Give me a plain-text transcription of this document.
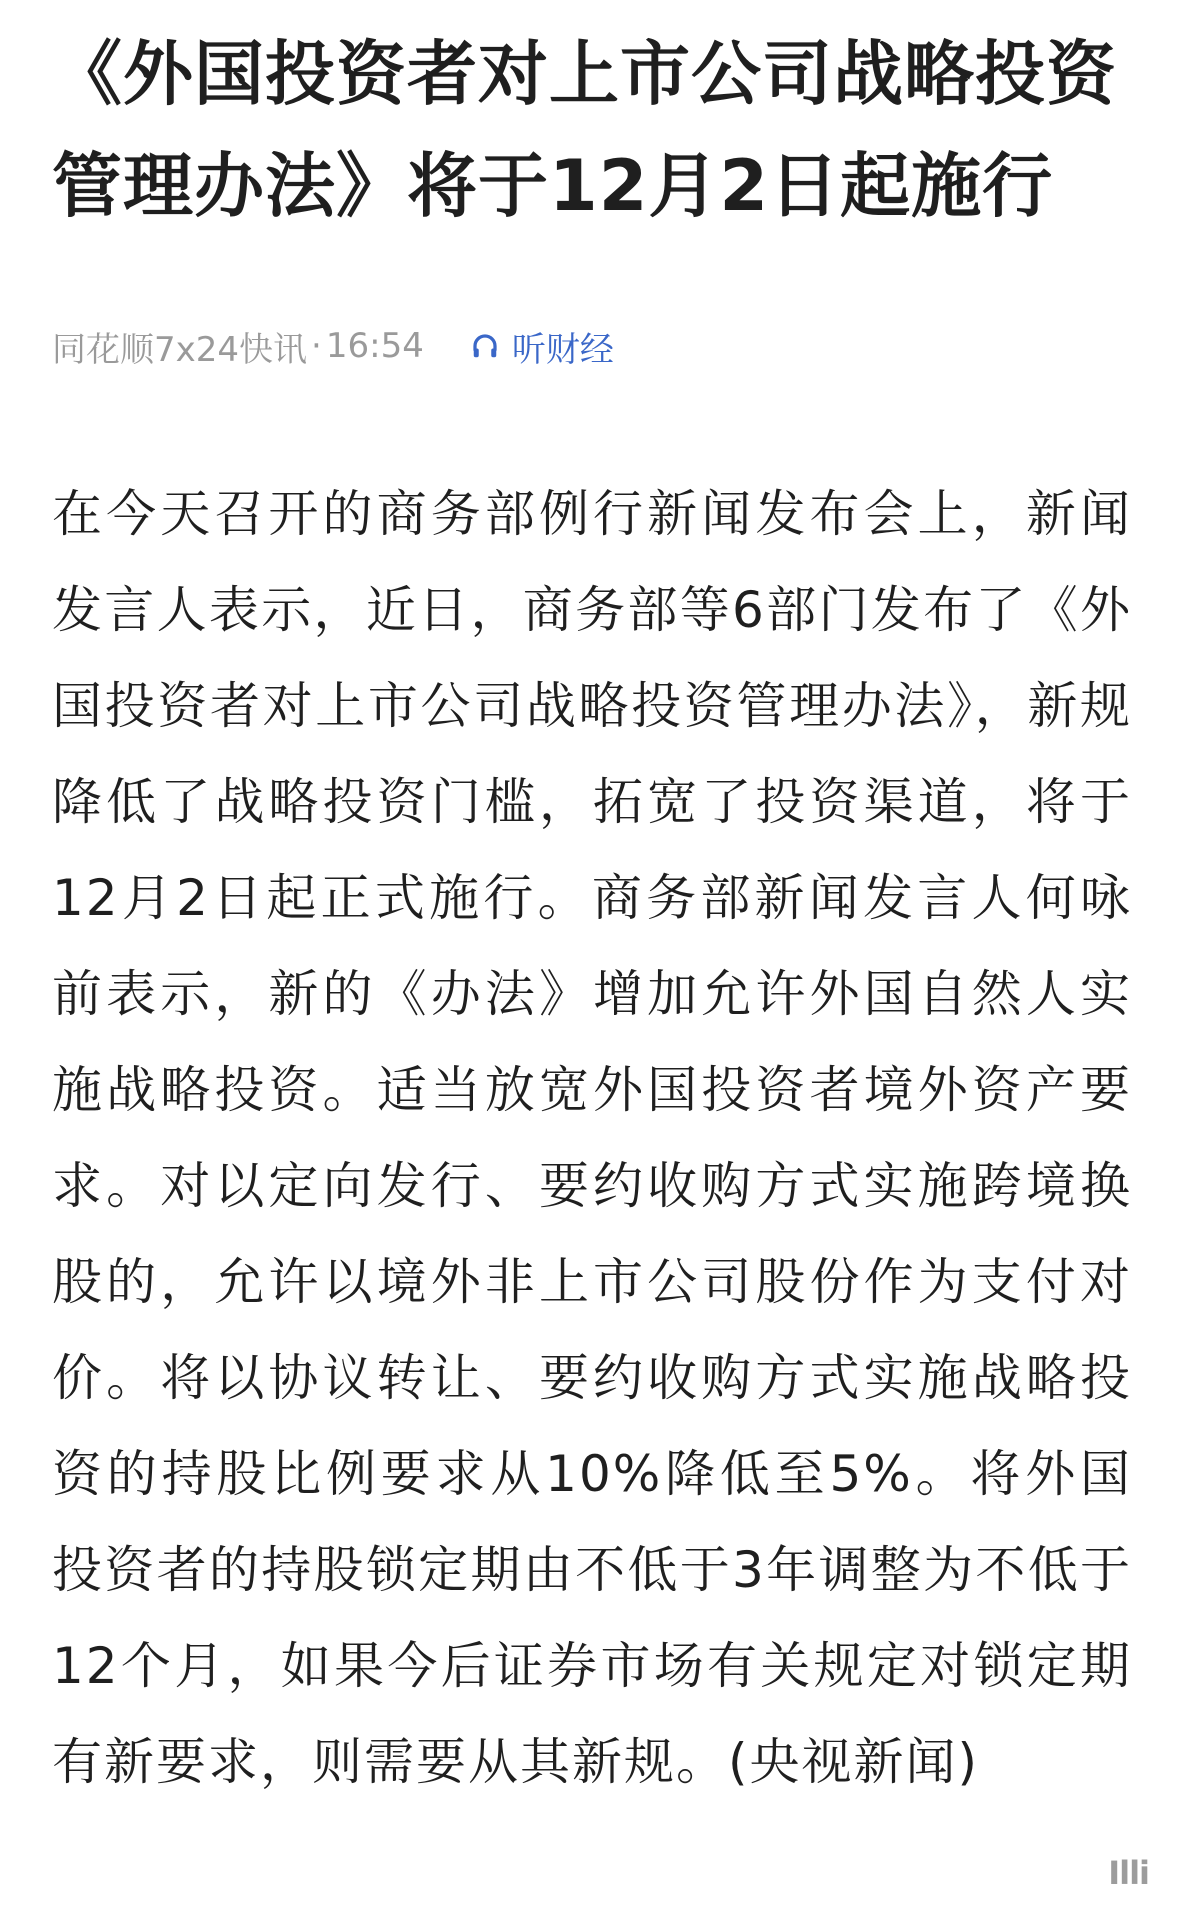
《外国投资者对上市公司战略投资管理办法》将于12月2日起施行
同花顺7x24快讯 · 16:54	听财经

在今天召开的商务部例行新闻发布会上，新闻发言人表示，近日，商务部等6部门发布了《外国投资者对上市公司战略投资管理办法》，新规降低了战略投资门槛，拓宽了投资渠道，将于12月2日起正式施行。商务部新闻发言人何咏前表示，新的《办法》增加允许外国自然人实施战略投资。适当放宽外国投资者境外资产要求。对以定向发行、要约收购方式实施跨境换股的，允许以境外非上市公司股份作为支付对价。将以协议转让、要约收购方式实施战略投资的持股比例要求从10%降低至5%。将外国投资者的持股锁定期由不低于3年调整为不低于12个月，如果今后证券市场有关规定对锁定期有新要求，则需要从其新规。(央视新闻)

Illi
